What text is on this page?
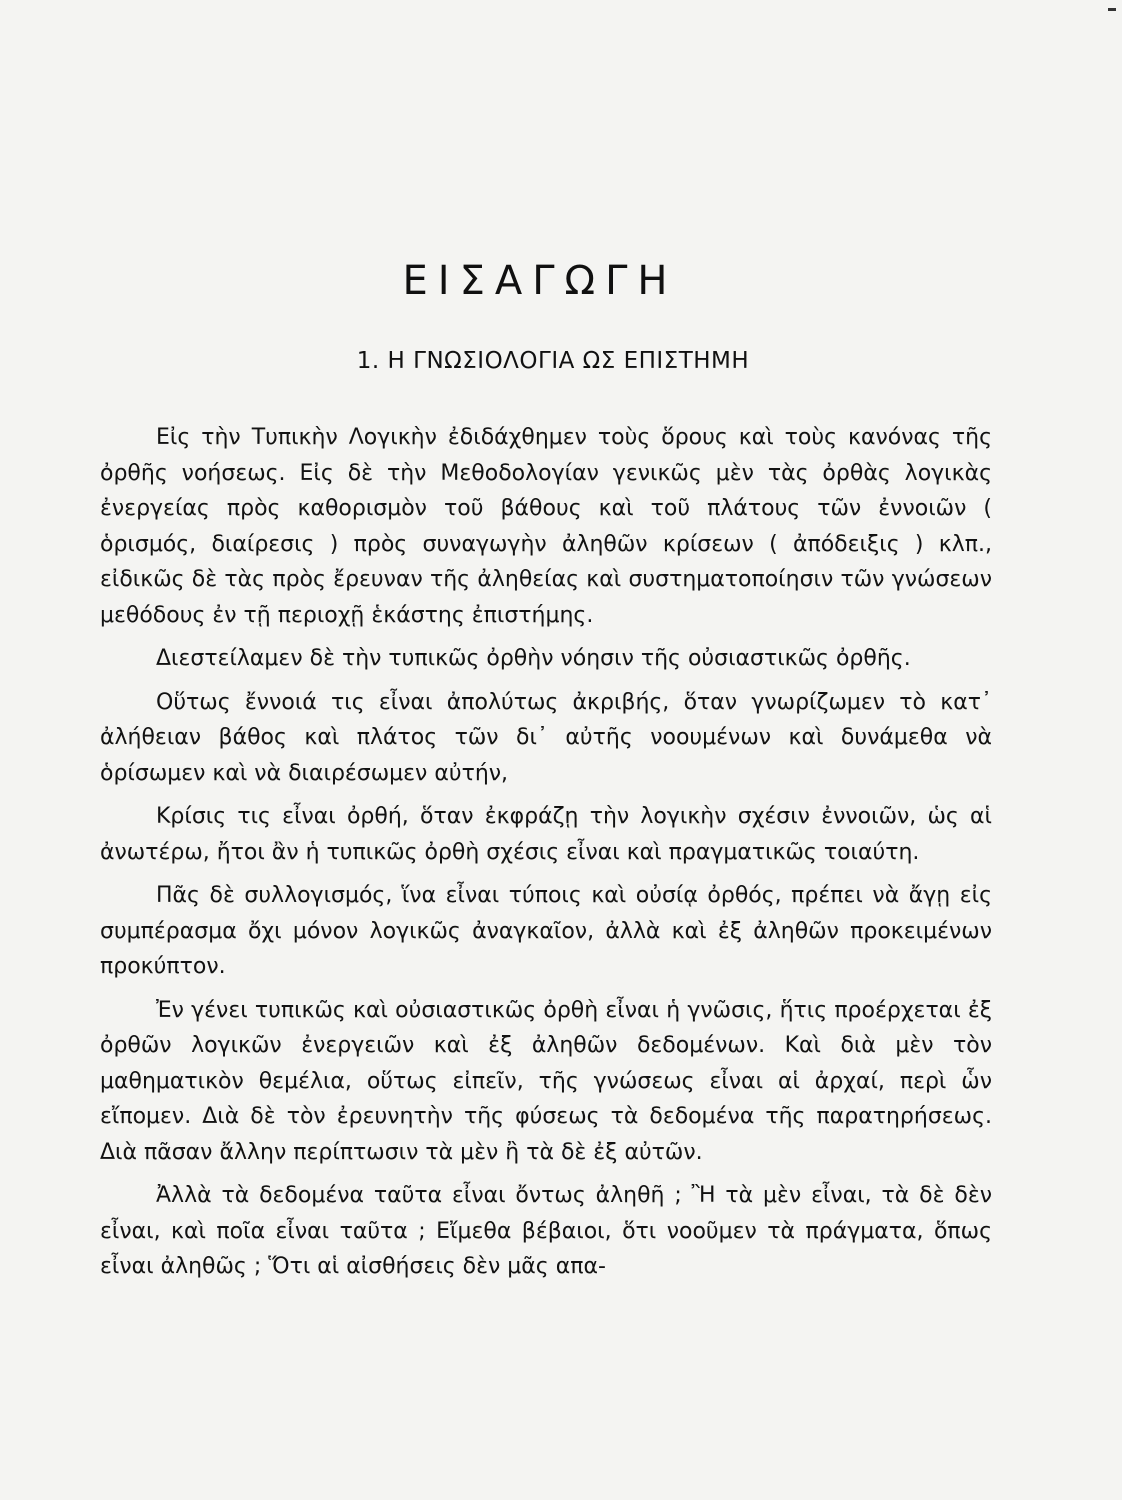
ΕΙΣΑΓΩΓΗ
1. Η ΓΝΩΣΙΟΛΟΓΙΑ ΩΣ ΕΠΙΣΤΗΜΗ

Εἰς τὴν Τυπικὴν Λογικὴν ἐδιδάχθημεν τοὺς ὅρους καὶ τοὺς κανόνας τῆς ὀρθῆς νοήσεως. Εἰς δὲ τὴν Μεθοδολογίαν γενικῶς μὲν τὰς ὀρθὰς λογικὰς ἐνεργείας πρὸς καθορισμὸν τοῦ βάθους καὶ τοῦ πλάτους τῶν ἐννοιῶν ( ὁρισμός, διαίρεσις ) πρὸς συναγωγὴν ἀληθῶν κρίσεων ( ἀπόδειξις ) κλπ., εἰδικῶς δὲ τὰς πρὸς ἔρευναν τῆς ἀληθείας καὶ συστηματοποίησιν τῶν γνώσεων μεθόδους ἐν τῇ περιοχῇ ἑκάστης ἐπιστήμης.

Διεστείλαμεν δὲ τὴν τυπικῶς ὀρθὴν νόησιν τῆς οὐσιαστικῶς ὀρθῆς.

Οὕτως ἔννοιά τις εἶναι ἀπολύτως ἀκριβής, ὅταν γνωρίζωμεν τὸ κατ᾽ ἀλήθειαν βάθος καὶ πλάτος τῶν δι᾽ αὐτῆς νοουμένων καὶ δυνάμεθα νὰ ὁρίσωμεν καὶ νὰ διαιρέσωμεν αὐτήν,

Κρίσις τις εἶναι ὀρθή, ὅταν ἐκφράζῃ τὴν λογικὴν σχέσιν ἐννοιῶν, ὡς αἱ ἀνωτέρω, ἤτοι ἂν ἡ τυπικῶς ὀρθὴ σχέσις εἶναι καὶ πραγματικῶς τοιαύτη.

Πᾶς δὲ συλλογισμός, ἵνα εἶναι τύποις καὶ οὐσίᾳ ὀρθός, πρέπει νὰ ἄγῃ εἰς συμπέρασμα ὄχι μόνον λογικῶς ἀναγκαῖον, ἀλλὰ καὶ ἐξ ἀληθῶν προκειμένων προκύπτον.

Ἐν γένει τυπικῶς καὶ οὐσιαστικῶς ὀρθὴ εἶναι ἡ γνῶσις, ἥτις προέρχεται ἐξ ὀρθῶν λογικῶν ἐνεργειῶν καὶ ἐξ ἀληθῶν δεδομένων. Καὶ διὰ μὲν τὸν μαθηματικὸν θεμέλια, οὕτως εἰπεῖν, τῆς γνώσεως εἶναι αἱ ἀρχαί, περὶ ὧν εἴπομεν. Διὰ δὲ τὸν ἐρευνητὴν τῆς φύσεως τὰ δεδομένα τῆς παρατηρήσεως. Διὰ πᾶσαν ἄλλην περίπτωσιν τὰ μὲν ἢ τὰ δὲ ἐξ αὐτῶν.

Ἀλλὰ τὰ δεδομένα ταῦτα εἶναι ὄντως ἀληθῆ ; Ἢ τὰ μὲν εἶναι, τὰ δὲ δὲν εἶναι, καὶ ποῖα εἶναι ταῦτα ; Εἴμεθα βέβαιοι, ὅτι νοοῦμεν τὰ πράγματα, ὅπως εἶναι ἀληθῶς ; Ὅτι αἱ αἰσθήσεις δὲν μᾶς απα-
